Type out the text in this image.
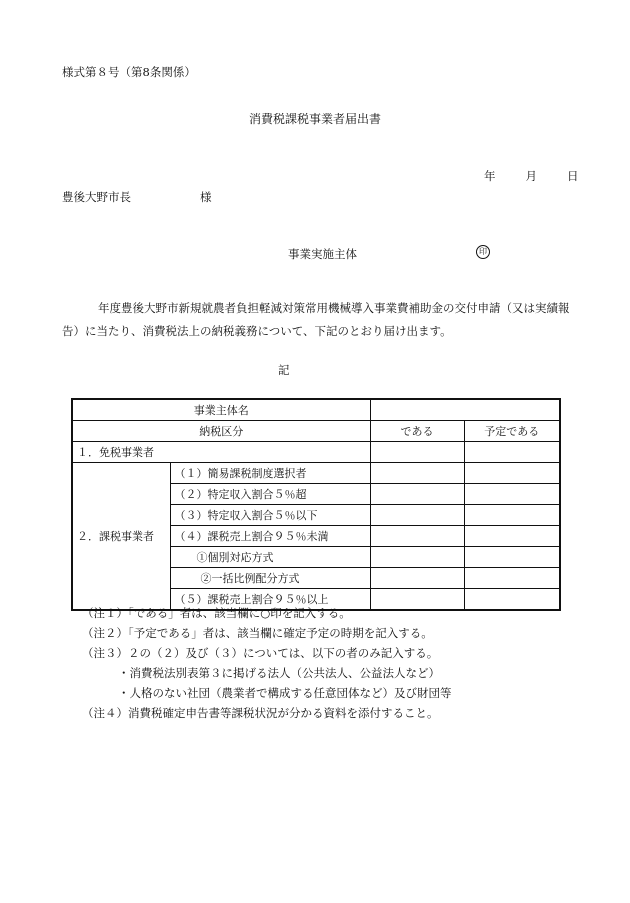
様式第８号（第8条関係）
消費税課税事業者届出書
年	月	日
豊後大野市長	様
事業実施主体	印
年度豊後大野市新規就農者負担軽減対策常用機械導入事業費補助金の交付申請（又は実績報告）に当たり、消費税法上の納税義務について、下記のとおり届け出ます。
記
事業主体名			
納税区分		である	予定である
１．免税事業者			
２．課税事業者	（１）簡易課税制度選択者		
	（２）特定収入割合５％超		
	（３）特定収入割合５％以下		
	（４）課税売上割合９５％未満		
	①個別対応方式		
	②一括比例配分方式		
	（５）課税売上割合９５％以上		
（注１）「である」者は、該当欄に○印を記入する。
（注２）「予定である」者は、該当欄に確定予定の時期を記入する。
（注３）２の（２）及び（３）については、以下の者のみ記入する。
・消費税法別表第３に掲げる法人（公共法人、公益法人など）
・人格のない社団（農業者で構成する任意団体など）及び財団等
（注４）消費税確定申告書等課税状況が分かる資料を添付すること。
